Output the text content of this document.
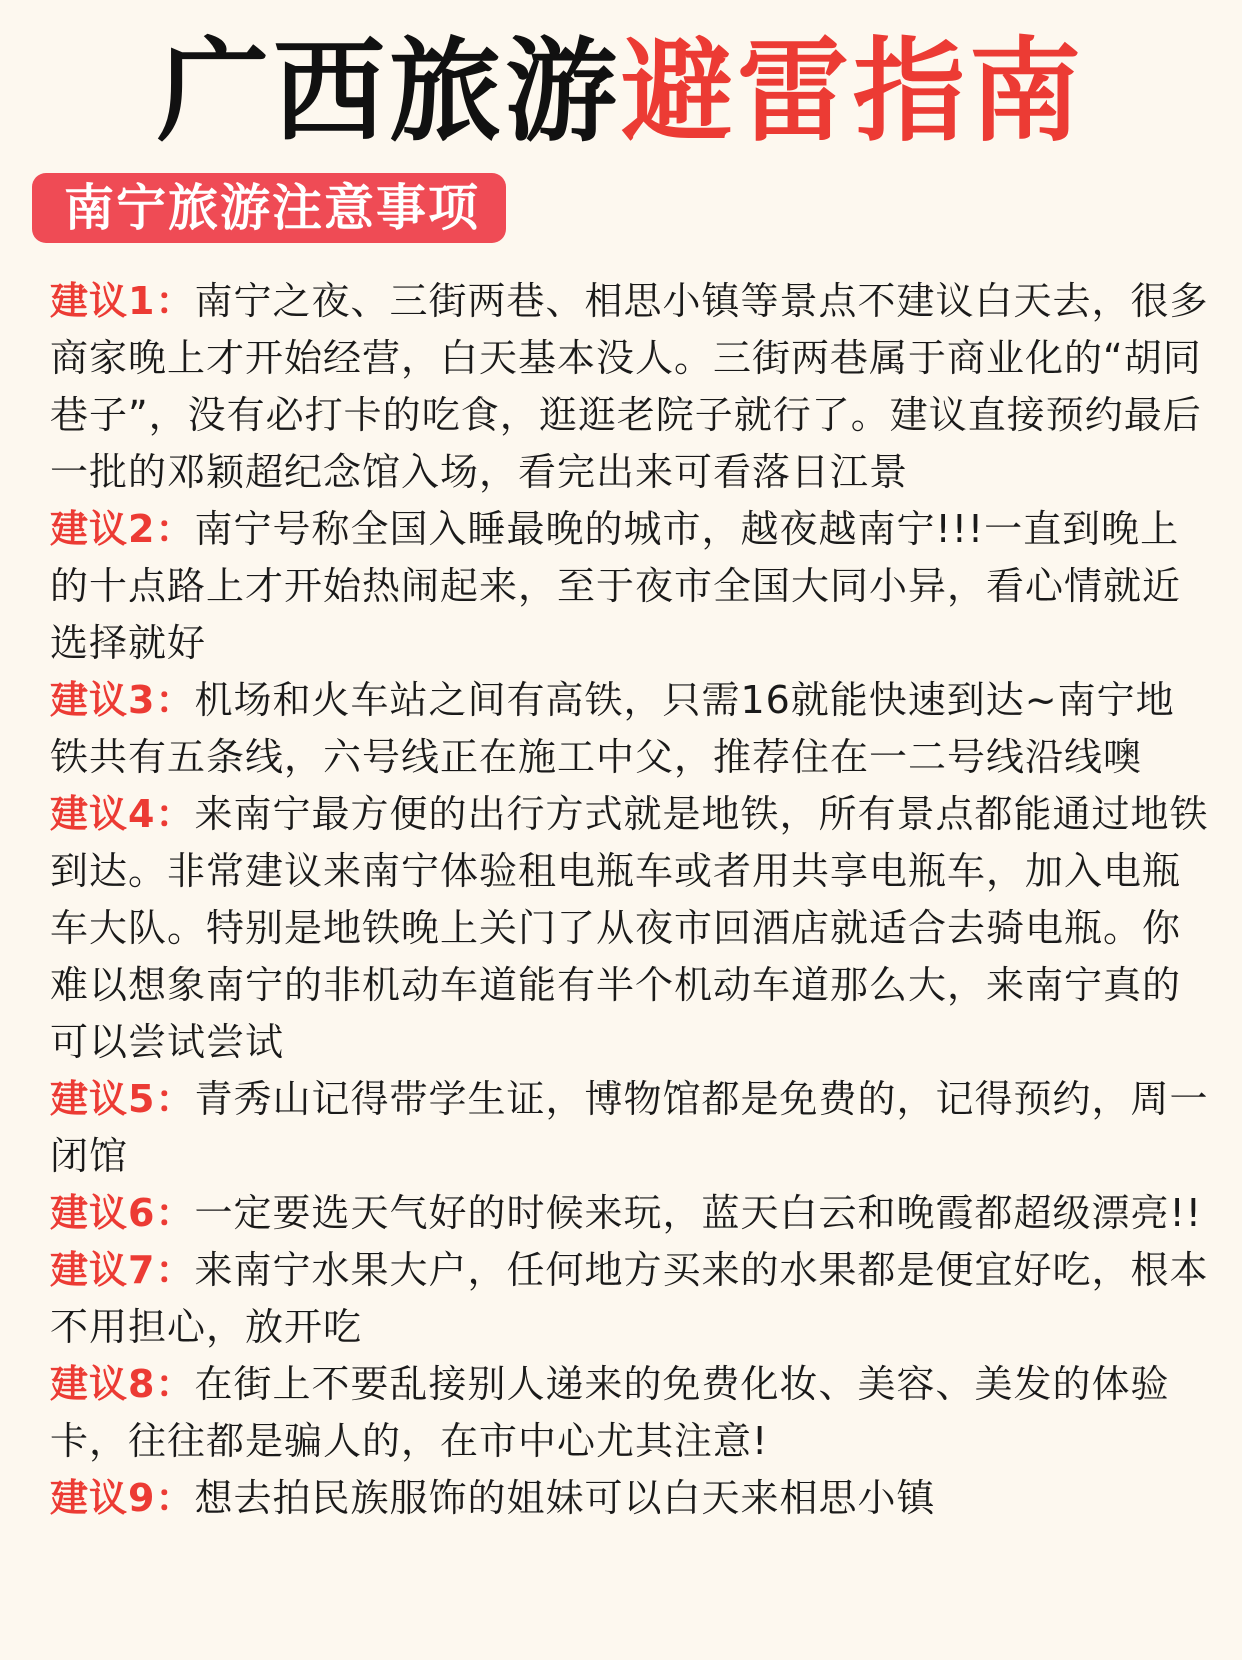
广西旅游避雷指南
南宁旅游注意事项
建议1：南宁之夜、三街两巷、相思小镇等景点不建议白天去，很多商家晚上才开始经营，白天基本没人。三街两巷属于商业化的“胡同巷子”，没有必打卡的吃食，逛逛老院子就行了。建议直接预约最后一批的邓颖超纪念馆入场，看完出来可看落日江景
建议2：南宁号称全国入睡最晚的城市，越夜越南宁!!!一直到晚上的十点路上才开始热闹起来，至于夜市全国大同小异，看心情就近选择就好
建议3：机场和火车站之间有高铁，只需16就能快速到达~南宁地铁共有五条线，六号线正在施工中父，推荐住在一二号线沿线噢
建议4：来南宁最方便的出行方式就是地铁，所有景点都能通过地铁到达。非常建议来南宁体验租电瓶车或者用共享电瓶车，加入电瓶车大队。特别是地铁晚上关门了从夜市回酒店就适合去骑电瓶。你难以想象南宁的非机动车道能有半个机动车道那么大，来南宁真的可以尝试尝试
建议5：青秀山记得带学生证，博物馆都是免费的，记得预约，周一闭馆
建议6：一定要选天气好的时候来玩，蓝天白云和晚霞都超级漂亮!!
建议7：来南宁水果大户，任何地方买来的水果都是便宜好吃，根本不用担心，放开吃
建议8：在街上不要乱接别人递来的免费化妆、美容、美发的体验卡，往往都是骗人的，在市中心尤其注意!
建议9：想去拍民族服饰的姐妹可以白天来相思小镇
